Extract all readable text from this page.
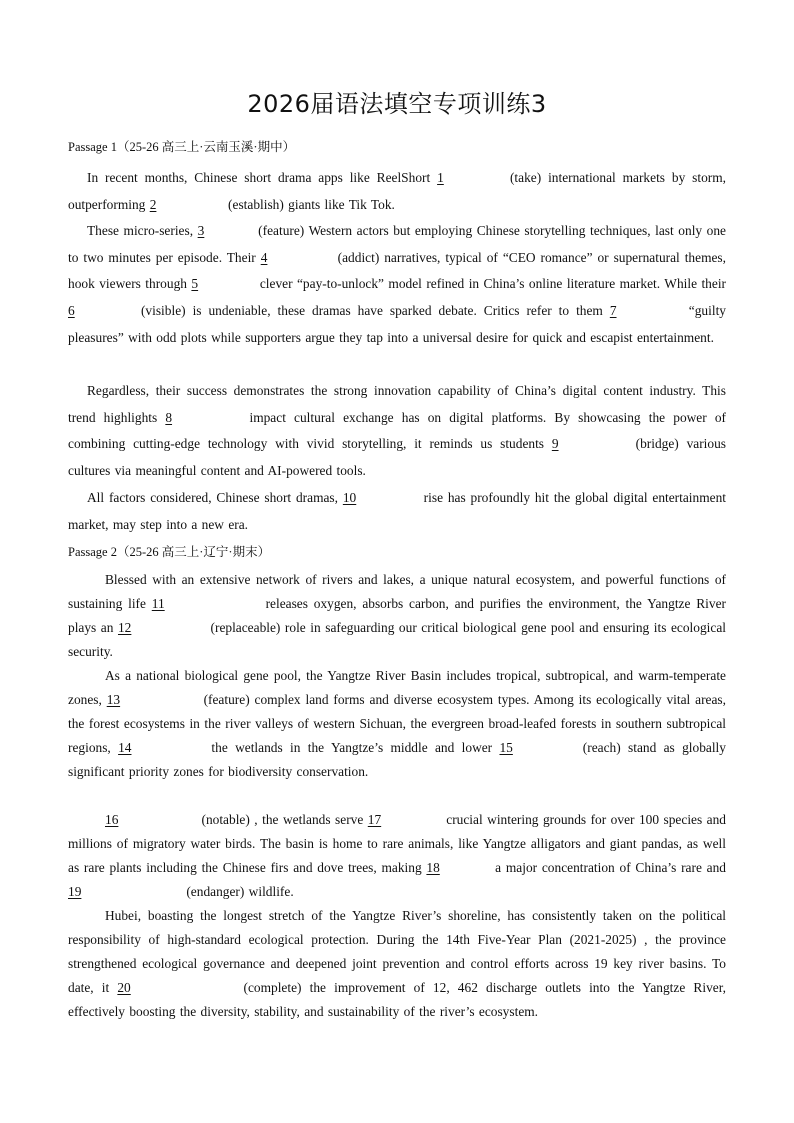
2026届语法填空专项训练3
Passage 1（25-26 高三上·云南玉溪·期中）

In recent months, Chinese short drama apps like ReelShort 1	(take) international markets by storm, outperforming 2	(establish) giants like Tik Tok.

These micro-series, 3	(feature) Western actors but employing Chinese storytelling techniques, last only one to two minutes per episode. Their 4	(addict) narratives, typical of “CEO romance” or supernatural themes, hook viewers through 5	clever “pay-to-unlock” model refined in China’s online literature market. While their 6	(visible) is undeniable, these dramas have sparked debate. Critics refer to them 7	“guilty pleasures” with odd plots while supporters argue they tap into a universal desire for quick and escapist entertainment.

Regardless, their success demonstrates the strong innovation capability of China’s digital content industry. This trend highlights 8	impact cultural exchange has on digital platforms. By showcasing the power of combining cutting-edge technology with vivid storytelling, it reminds us students 9	(bridge) various cultures via meaningful content and AI-powered tools.

All factors considered, Chinese short dramas, 10	rise has profoundly hit the global digital entertainment market, may step into a new era.

Passage 2（25-26 高三上·辽宁·期末）

Blessed with an extensive network of rivers and lakes, a unique natural ecosystem, and powerful functions of sustaining life 11	releases oxygen, absorbs carbon, and purifies the environment, the Yangtze River plays an 12	(replaceable) role in safeguarding our critical biological gene pool and ensuring its ecological security.

As a national biological gene pool, the Yangtze River Basin includes tropical, subtropical, and warm-temperate zones, 13	(feature) complex land forms and diverse ecosystem types. Among its ecologically vital areas, the forest ecosystems in the river valleys of western Sichuan, the evergreen broad-leafed forests in southern subtropical regions, 14	the wetlands in the Yangtze’s middle and lower 15	(reach) stand as globally significant priority zones for biodiversity conservation.

16	(notable) , the wetlands serve 17	crucial wintering grounds for over 100 species and millions of migratory water birds. The basin is home to rare animals, like Yangtze alligators and giant pandas, as well as rare plants including the Chinese firs and dove trees, making 18	a major concentration of China’s rare and 19	(endanger) wildlife.

Hubei, boasting the longest stretch of the Yangtze River’s shoreline, has consistently taken on the political responsibility of high-standard ecological protection. During the 14th Five-Year Plan (2021-2025) , the province strengthened ecological governance and deepened joint prevention and control efforts across 19 key river basins. To date, it 20	(complete) the improvement of 12, 462 discharge outlets into the Yangtze River, effectively boosting the diversity, stability, and sustainability of the river’s ecosystem.
